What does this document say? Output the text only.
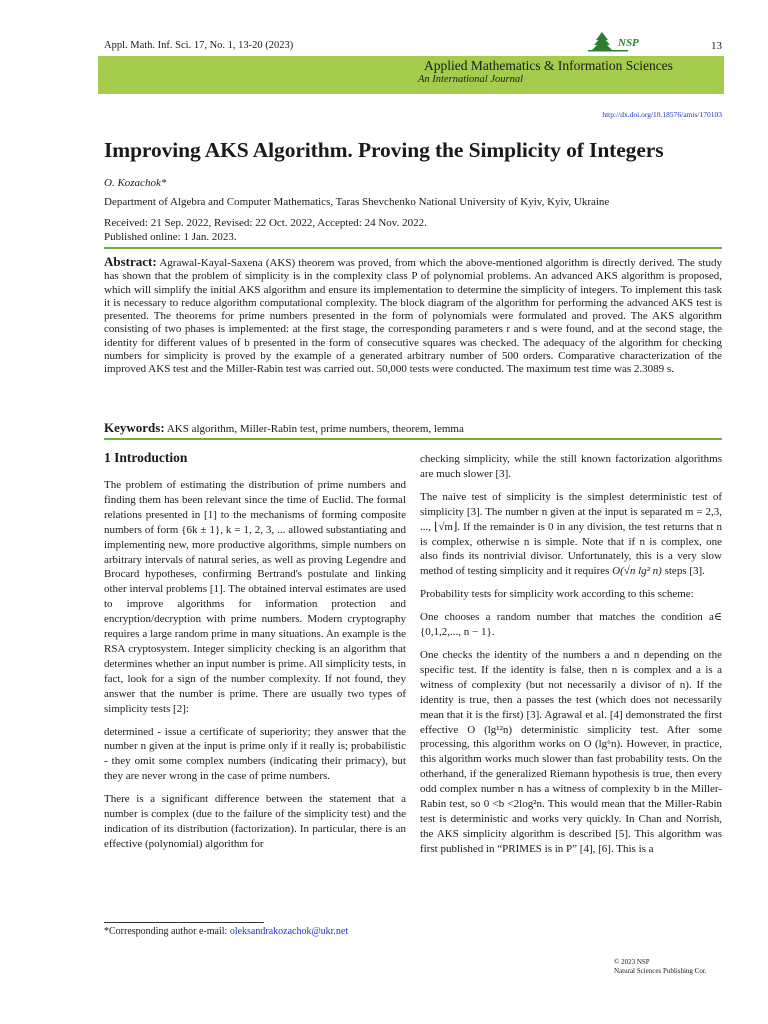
Appl. Math. Inf. Sci. 17, No. 1, 13-20 (2023)	13
NSP
Applied Mathematics & Information Sciences
An International Journal
http://dx.doi.org/10.18576/amis/170103
Improving AKS Algorithm. Proving the Simplicity of Integers
O. Kozachok*
Department of Algebra and Computer Mathematics, Taras Shevchenko National University of Kyiv, Kyiv, Ukraine
Received: 21 Sep. 2022, Revised: 22 Oct. 2022, Accepted: 24 Nov. 2022.
Published online: 1 Jan. 2023.
Abstract: Agrawal-Kayal-Saxena (AKS) theorem was proved, from which the above-mentioned algorithm is directly derived. The study has shown that the problem of simplicity is in the complexity class P of polynomial problems. An advanced AKS algorithm is proposed, which will simplify the initial AKS algorithm and ensure its implementation to determine the simplicity of integers. To implement this task it is necessary to reduce algorithm computational complexity. The block diagram of the algorithm for performing the advanced AKS test is presented. The theorems for prime numbers presented in the form of polynomials were formulated and proved. The AKS algorithm consisting of two phases is implemented: at the first stage, the corresponding parameters r and s were found, and at the second stage, the identity for different values of b presented in the form of consecutive squares was checked. The adequacy of the algorithm for checking numbers for simplicity is proved by the example of a generated arbitrary number of 500 orders. Comparative characterization of the improved AKS test and the Miller-Rabin test was carried out. 50,000 tests were conducted. The maximum test time was 2.3089 s.
Keywords: AKS algorithm, Miller-Rabin test, prime numbers, theorem, lemma

1 Introduction

The problem of estimating the distribution of prime numbers and finding them has been relevant since the time of Euclid. The formal relations presented in [1] to the mechanisms of forming composite numbers of form {6k ± 1}, k = 1, 2, 3, ... allowed substantiating and implementing new, more productive algorithms, simple numbers on arbitrary intervals of natural series, as well as proving Legendre and Brocard hypotheses, confirming Bertrand's postulate and linking other interval problems [1]. The obtained interval estimates are used to improve algorithms for information protection and encryption/decryption with prime numbers. Modern cryptography requires a large random prime in many situations. An example is the RSA cryptosystem. Integer simplicity checking is an algorithm that determines whether an input number is prime. All simplicity tests, in fact, look for a sign of the number complexity. If not found, they answer that the number is prime. There are usually two types of simplicity tests [2]:

determined - issue a certificate of superiority; they answer that the number n given at the input is prime only if it really is; probabilistic - they omit some complex numbers (indicating their primacy), but they are never wrong in the case of prime numbers.

There is a significant difference between the statement that a number is complex (due to the failure of the simplicity test) and the indication of its distribution (factorization). In particular, there is an effective (polynomial) algorithm for

checking simplicity, while the still known factorization algorithms are much slower [3].

The naive test of simplicity is the simplest deterministic test of simplicity [3]. The number n given at the input is separated m = 2,3, ..., ⌊√m⌋. If the remainder is 0 in any division, the test returns that n is complex, otherwise n is simple. Note that if n is complex, one also finds its nontrivial divisor. Unfortunately, this is a very slow method of testing simplicity and it requires O(√n lg² n) steps [3].

Probability tests for simplicity work according to this scheme:

One chooses a random number that matches the condition a∈ {0,1,2,..., n − 1}.

One checks the identity of the numbers a and n depending on the specific test. If the identity is false, then n is complex and a is a witness of complexity (but not necessarily a divisor of n). If the identity is true, then a passes the test (which does not necessarily mean that it is the first) [3]. Agrawal et al. [4] demonstrated the first effective O (lg¹²n) deterministic simplicity test. After some processing, this algorithm works on O (lg⁶n). However, in practice, this algorithm works much slower than fast probability tests. On the otherhand, if the generalized Riemann hypothesis is true, then every odd complex number n has a witness of complexity b in the Miller-Rabin test, so 0 <b <2log²n. This would mean that the Miller-Rabin test is deterministic and works very quickly. In Chan and Norrish, the AKS simplicity algorithm is described [5]. This algorithm was first published in “PRIMES is in P” [4], [6]. This is a

*Corresponding author e-mail: oleksandrakozachok@ukr.net
© 2023 NSP
Natural Sciences Publishing Cor.
